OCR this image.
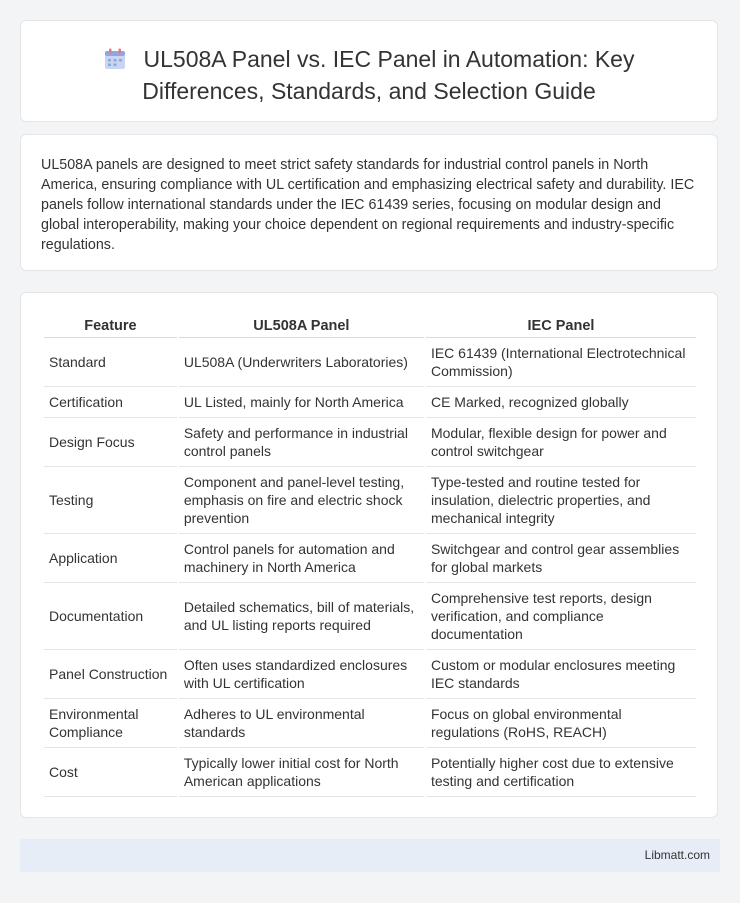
UL508A Panel vs. IEC Panel in Automation: Key Differences, Standards, and Selection Guide

UL508A panels are designed to meet strict safety standards for industrial control panels in North America, ensuring compliance with UL certification and emphasizing electrical safety and durability. IEC panels follow international standards under the IEC 61439 series, focusing on modular design and global interoperability, making your choice dependent on regional requirements and industry-specific regulations.

Feature	UL508A Panel	IEC Panel
Standard	UL508A (Underwriters Laboratories)	IEC 61439 (International Electrotechnical Commission)
Certification	UL Listed, mainly for North America	CE Marked, recognized globally
Design Focus	Safety and performance in industrial control panels	Modular, flexible design for power and control switchgear
Testing	Component and panel-level testing, emphasis on fire and electric shock prevention	Type-tested and routine tested for insulation, dielectric properties, and mechanical integrity
Application	Control panels for automation and machinery in North America	Switchgear and control gear assemblies for global markets
Documentation	Detailed schematics, bill of materials, and UL listing reports required	Comprehensive test reports, design verification, and compliance documentation
Panel Construction	Often uses standardized enclosures with UL certification	Custom or modular enclosures meeting IEC standards
Environmental Compliance	Adheres to UL environmental standards	Focus on global environmental regulations (RoHS, REACH)
Cost	Typically lower initial cost for North American applications	Potentially higher cost due to extensive testing and certification
Libmatt.com
